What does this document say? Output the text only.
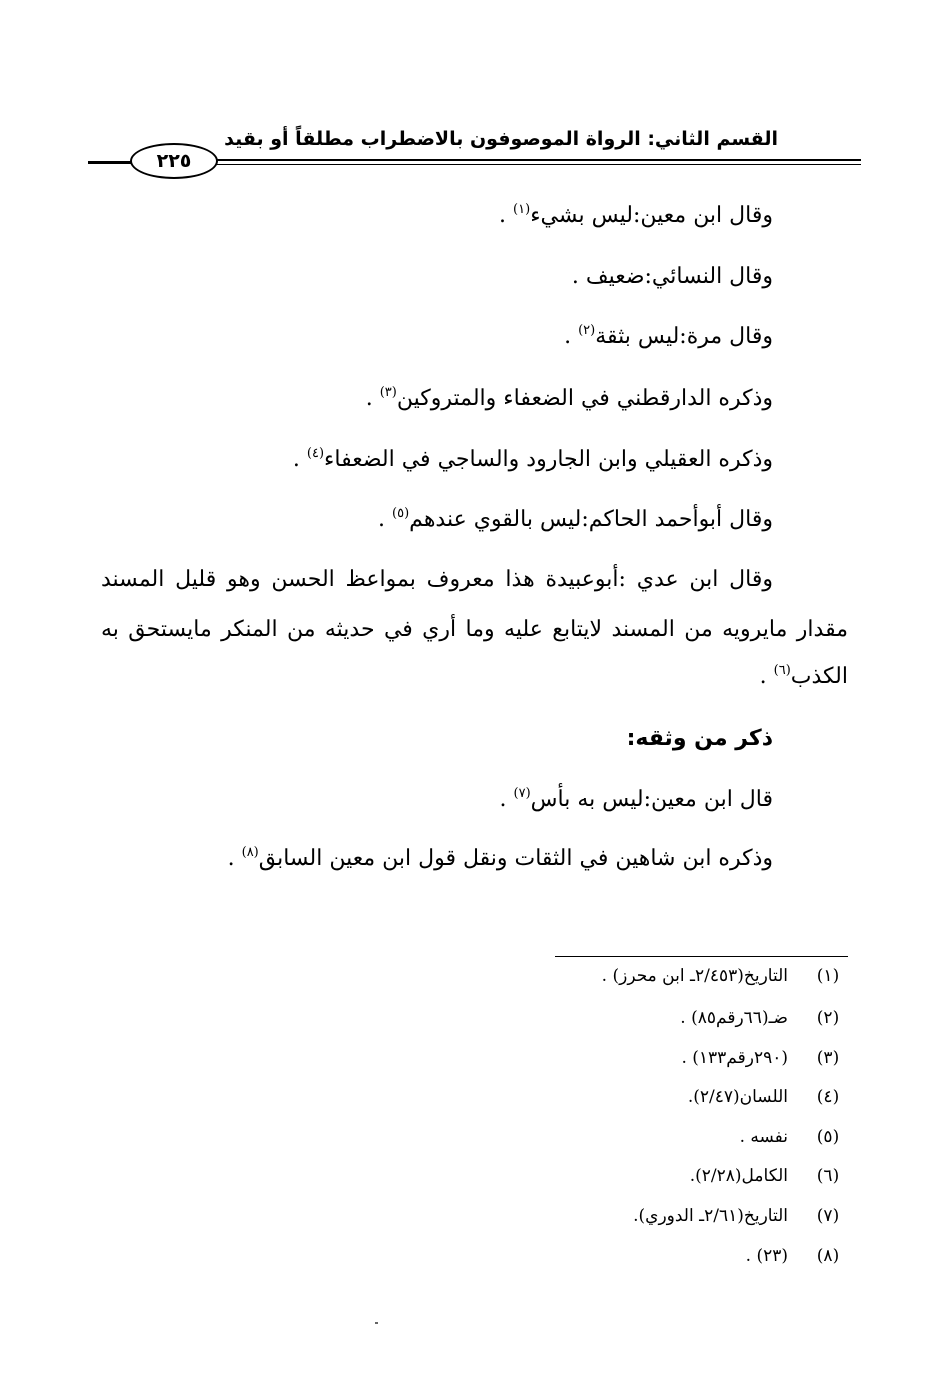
القسم الثاني: الرواة الموصوفون بالاضطراب مطلقاً أو بقيد
٢٢٥
وقال ابن معين:ليس بشيء$^{(١)}$ .
وقال النسائي:ضعيف .
وقال مرة:ليس بثقة$^{(٢)}$ .
وذكره الدارقطني في الضعفاء والمتروكين$^{(٣)}$ .
وذكره العقيلي وابن الجارود والساجي في الضعفاء$^{(٤)}$ .
وقال أبوأحمد الحاكم:ليس بالقوي عندهم$^{(٥)}$ .
وقال ابن عدي :أبوعبيدة هذا معروف بمواعظ الحسن وهو قليل المسند
مقدار مايرويه من المسند لايتابع عليه وما أري في حديثه من المنكر مايستحق به
الكذب$^{(٦)}$ .
ذكر من وثقه:
قال ابن معين:ليس به بأس$^{(٧)}$ .
وذكره ابن شاهين في الثقات ونقل قول ابن معين السابق$^{(٨)}$ .
(١)
التاريخ(٢/٤٥٣ـ ابن محرز) .
(٢)
ضـ(٦٦رقم٨٥) .
(٣)
(٢٩٠رقم١٣٣) .
(٤)
اللسان(٢/٤٧).
(٥)
نفسه .
(٦)
الكامل(٢/٢٨).
(٧)
التاريخ(٢/٦١ـ الدوري).
(٨)
(٢٣) .
